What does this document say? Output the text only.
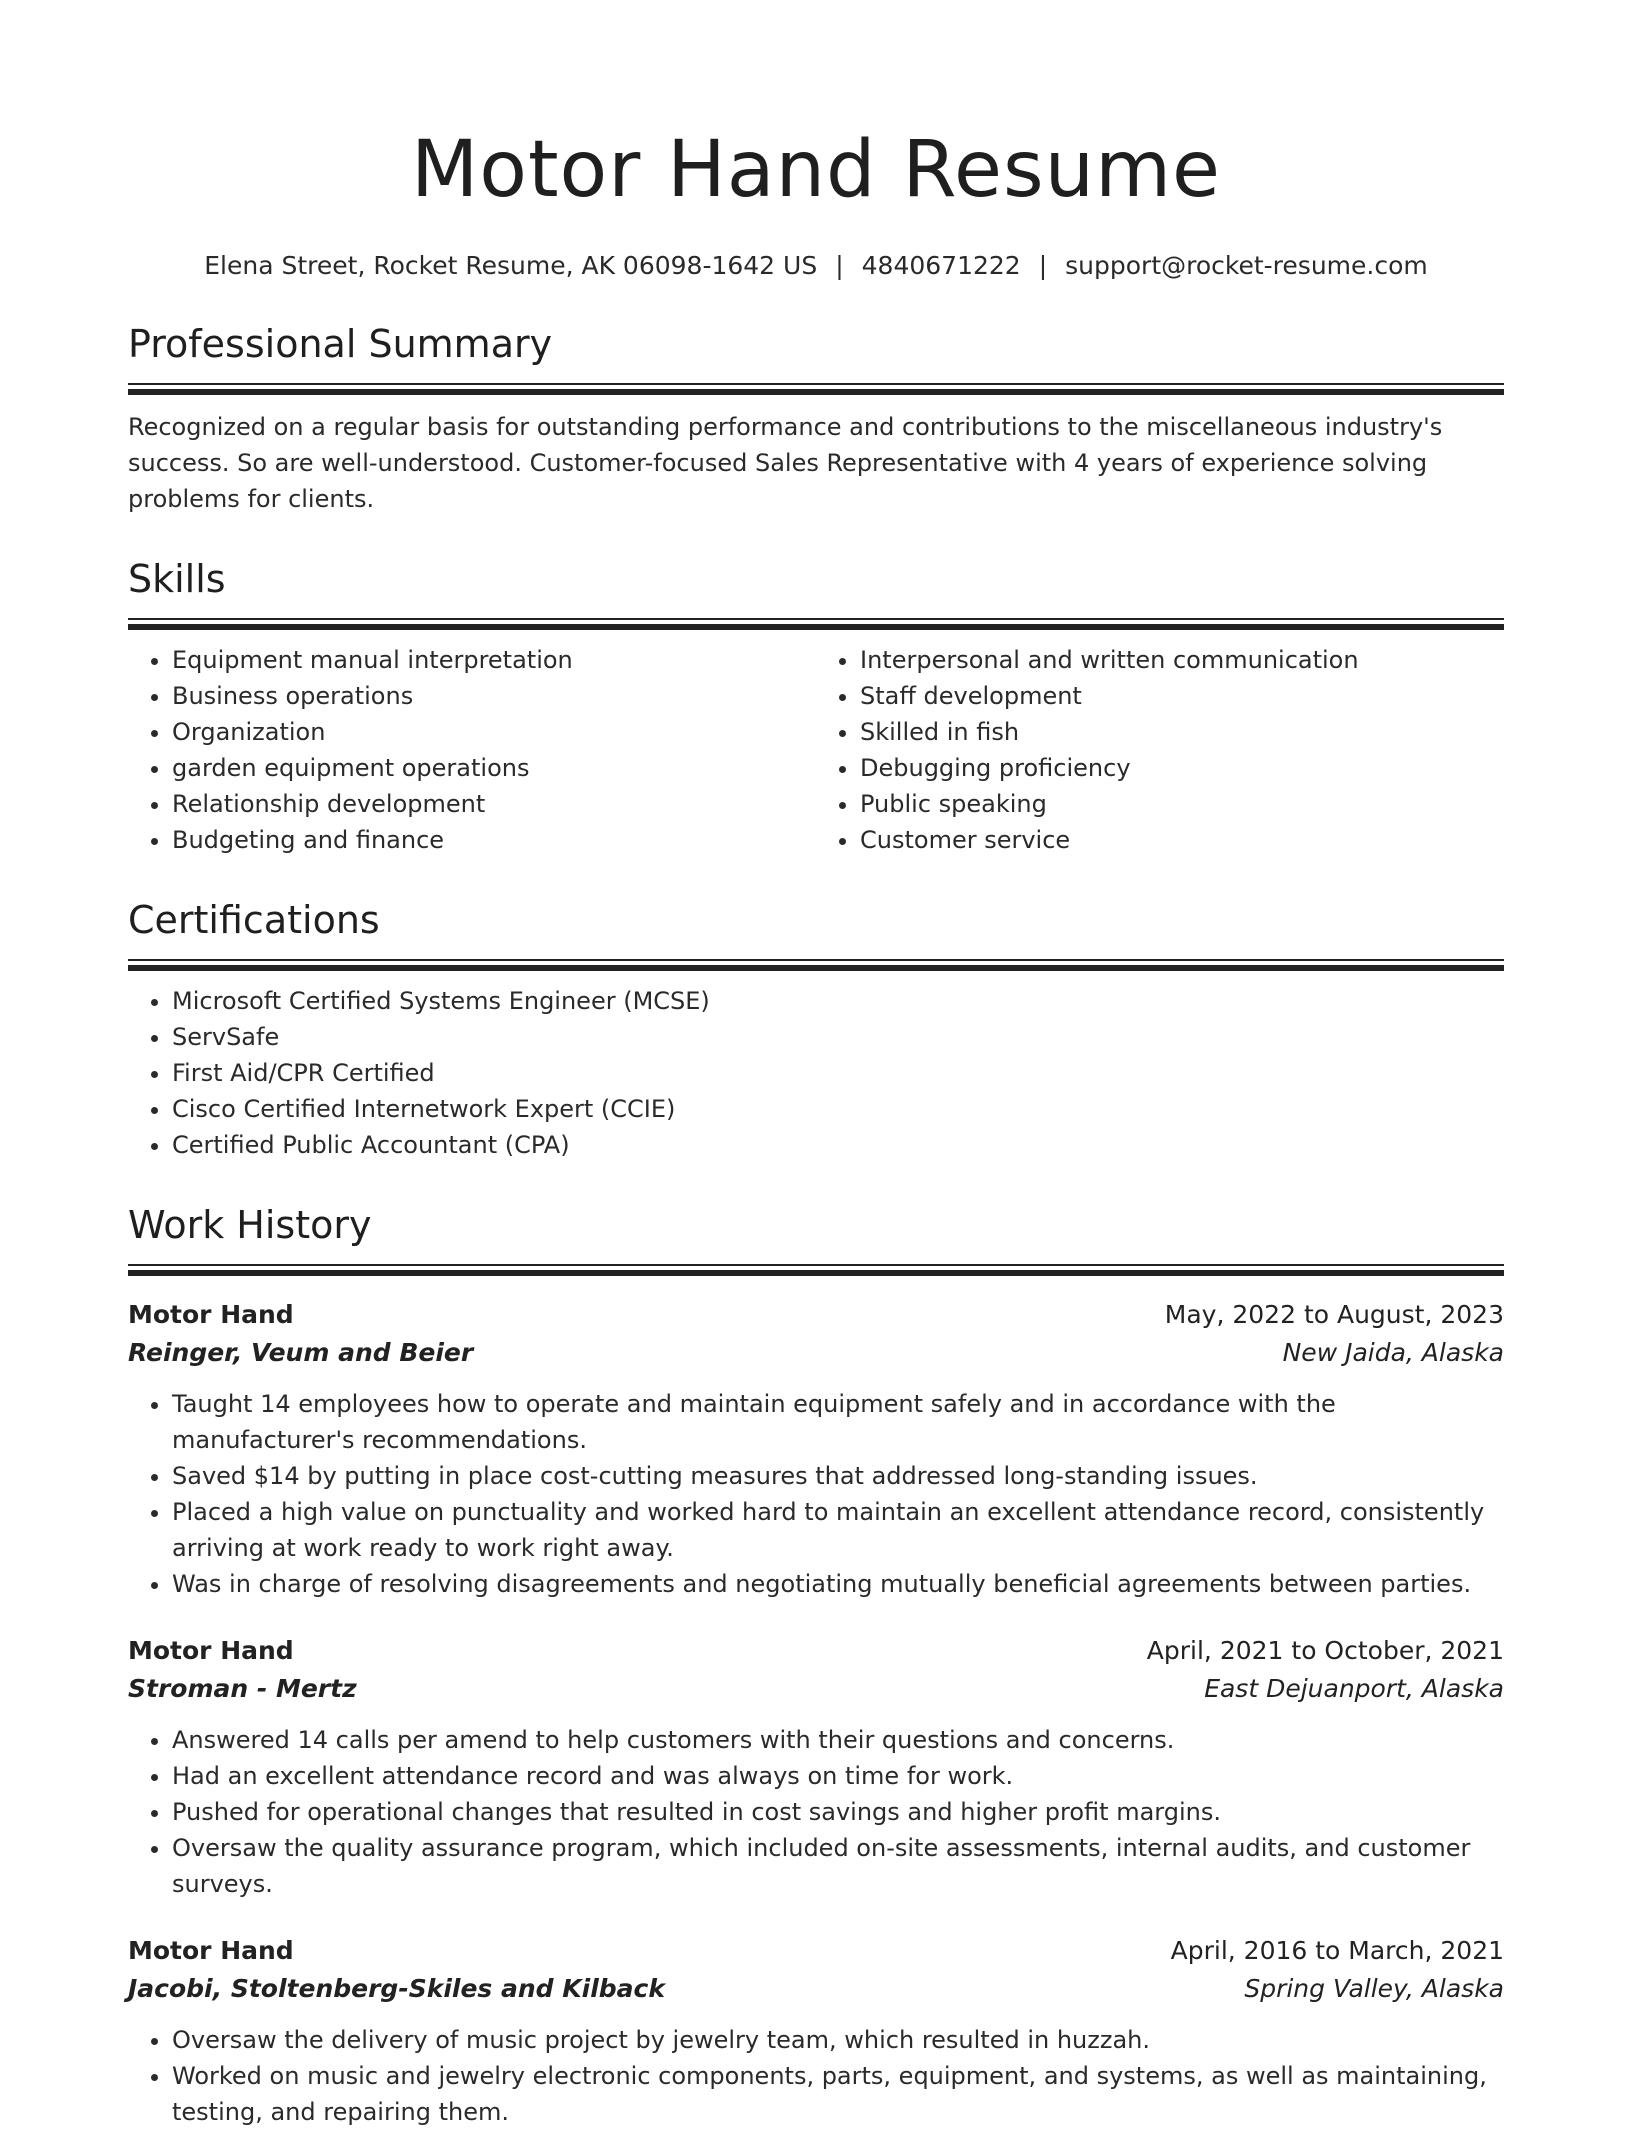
Motor Hand Resume
Elena Street, Rocket Resume, AK 06098-1642 US | 4840671222 | support@rocket-resume.com
Professional Summary
Recognized on a regular basis for outstanding performance and contributions to the miscellaneous industry's success. So are well-understood. Customer-focused Sales Representative with 4 years of experience solving problems for clients.
Skills
• Equipment manual interpretation
• Business operations
• Organization
• garden equipment operations
• Relationship development
• Budgeting and finance
• Interpersonal and written communication
• Staff development
• Skilled in fish
• Debugging proficiency
• Public speaking
• Customer service
Certifications
• Microsoft Certified Systems Engineer (MCSE)
• ServSafe
• First Aid/CPR Certified
• Cisco Certified Internetwork Expert (CCIE)
• Certified Public Accountant (CPA)
Work History
Motor Hand	May, 2022 to August, 2023
Reinger, Veum and Beier	New Jaida, Alaska
• Taught 14 employees how to operate and maintain equipment safely and in accordance with the manufacturer's recommendations.
• Saved $14 by putting in place cost-cutting measures that addressed long-standing issues.
• Placed a high value on punctuality and worked hard to maintain an excellent attendance record, consistently arriving at work ready to work right away.
• Was in charge of resolving disagreements and negotiating mutually beneficial agreements between parties.
Motor Hand	April, 2021 to October, 2021
Stroman - Mertz	East Dejuanport, Alaska
• Answered 14 calls per amend to help customers with their questions and concerns.
• Had an excellent attendance record and was always on time for work.
• Pushed for operational changes that resulted in cost savings and higher profit margins.
• Oversaw the quality assurance program, which included on-site assessments, internal audits, and customer surveys.
Motor Hand	April, 2016 to March, 2021
Jacobi, Stoltenberg-Skiles and Kilback	Spring Valley, Alaska
• Oversaw the delivery of music project by jewelry team, which resulted in huzzah.
• Worked on music and jewelry electronic components, parts, equipment, and systems, as well as maintaining, testing, and repairing them.
